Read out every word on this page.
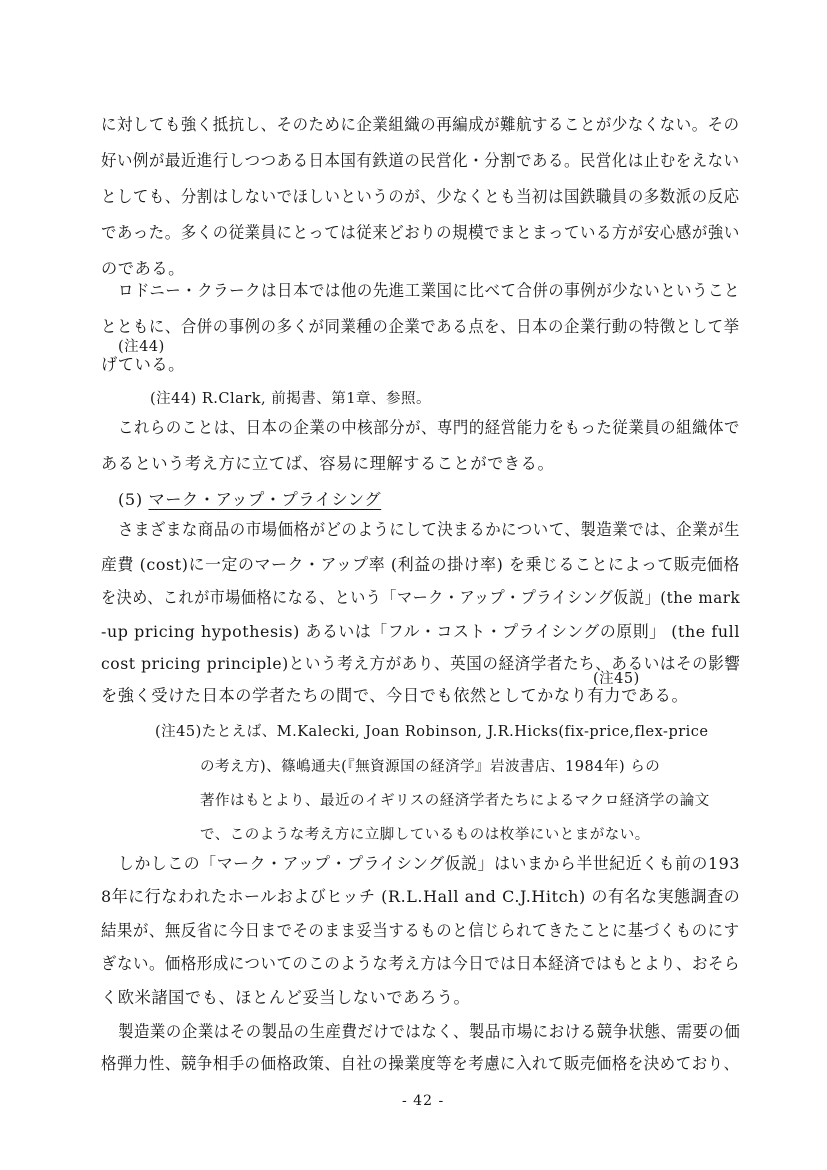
に対しても強く抵抗し、そのために企業組織の再編成が難航することが少なくない。その
好い例が最近進行しつつある日本国有鉄道の民営化・分割である。民営化は止むをえない
としても、分割はしないでほしいというのが、少なくとも当初は国鉄職員の多数派の反応
であった。多くの従業員にとっては従来どおりの規模でまとまっている方が安心感が強い
のである。
ロドニー・クラークは日本では他の先進工業国に比べて合併の事例が少ないということ
とともに、合併の事例の多くが同業種の企業である点を、日本の企業行動の特徴として挙
(注44)
げている。
(注44) R.Clark, 前掲書、第1章、参照。
これらのことは、日本の企業の中核部分が、専門的経営能力をもった従業員の組織体で
あるという考え方に立てば、容易に理解することができる。
(5) マーク・アップ・プライシング
さまざまな商品の市場価格がどのようにして決まるかについて、製造業では、企業が生
産費 (cost)に一定のマーク・アップ率 (利益の掛け率) を乗じることによって販売価格
を決め、これが市場価格になる、という「マーク・アップ・プライシング仮説」(the mark
-up pricing hypothesis) あるいは「フル・コスト・プライシングの原則」 (the full
cost pricing principle)という考え方があり、英国の経済学者たち、あるいはその影響
(注45)
を強く受けた日本の学者たちの間で、今日でも依然としてかなり有力である。
(注45)たとえば、M.Kalecki, Joan Robinson, J.R.Hicks(fix-price,flex-price
の考え方)、篠嶋通夫(『無資源国の経済学』岩波書店、1984年) らの
著作はもとより、最近のイギリスの経済学者たちによるマクロ経済学の論文
で、このような考え方に立脚しているものは枚挙にいとまがない。
しかしこの「マーク・アップ・プライシング仮説」はいまから半世紀近くも前の193
8年に行なわれたホールおよびヒッチ (R.L.Hall and C.J.Hitch) の有名な実態調査の
結果が、無反省に今日までそのまま妥当するものと信じられてきたことに基づくものにす
ぎない。価格形成についてのこのような考え方は今日では日本経済ではもとより、おそら
く欧米諸国でも、ほとんど妥当しないであろう。
製造業の企業はその製品の生産費だけではなく、製品市場における競争状態、需要の価
格弾力性、競争相手の価格政策、自社の操業度等を考慮に入れて販売価格を決めており、
- 42 -
